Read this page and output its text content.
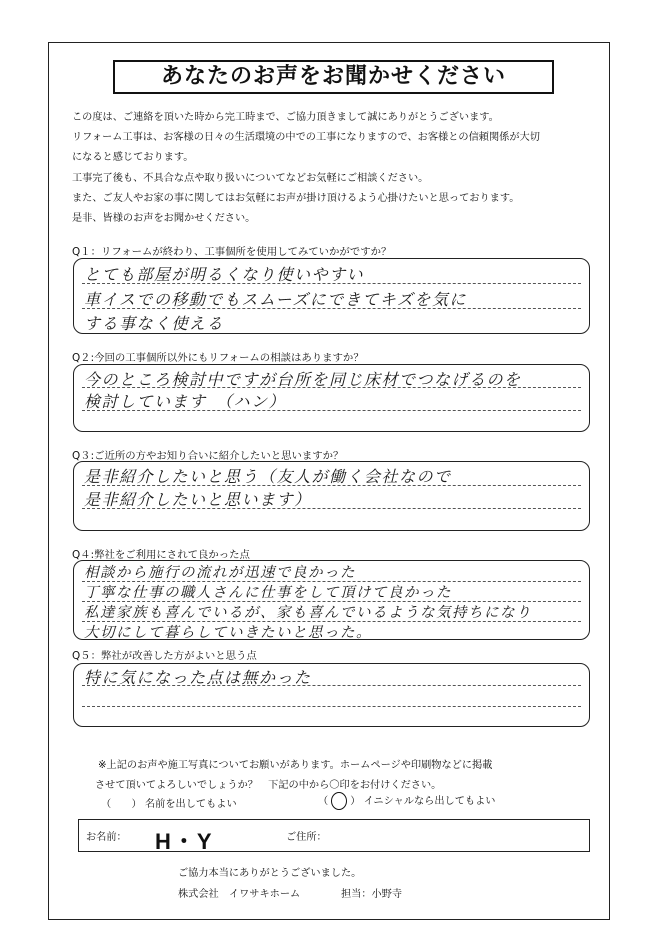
あなたのお声をお聞かせください

この度は、ご連絡を頂いた時から完工時まで、ご協力頂きまして誠にありがとうございます。

リフォーム工事は、お客様の日々の生活環境の中での工事になりますので、お客様との信頼関係が大切

になると感じております。

工事完了後も、不具合な点や取り扱いについてなどお気軽にご相談ください。

また、ご友人やお家の事に関してはお気軽にお声が掛け頂けるよう心掛けたいと思っております。

是非、皆様のお声をお聞かせください。

Q１：リフォームが終わり、工事個所を使用してみていかがですか？
とても部屋が明るくなり使いやすい
車イスでの移動でもスムーズにできてキズを気に
する事なく使える
Q２:今回の工事個所以外にもリフォームの相談はありますか？
今のところ検討中ですが台所を同じ床材でつなげるのを
検討しています　（ハン）
Q３:ご近所の方やお知り合いに紹介したいと思いますか？
是非紹介したいと思う（友人が働く会社なので
是非紹介したいと思います）
Q４:弊社をご利用にされて良かった点
相談から施行の流れが迅速で良かった
丁寧な仕事の職人さんに仕事をして頂けて良かった
私達家族も喜んでいるが、家も喜んでいるような気持ちになり
大切にして暮らしていきたいと思った。
Q５：弊社が改善した方がよいと思う点
特に気になった点は無かった
※上記のお声や施工写真についてお願いがあります。ホームページや印刷物などに掲載
させて頂いてよろしいでしょうか？　下記の中から〇印をお付けください。
（　　） 名前を出してもよい	（ ） イニシャルなら出してもよい
お名前： H・Y	ご住所：
ご協力本当にありがとうございました。
株式会社　イワサキホーム	担当：小野寺
